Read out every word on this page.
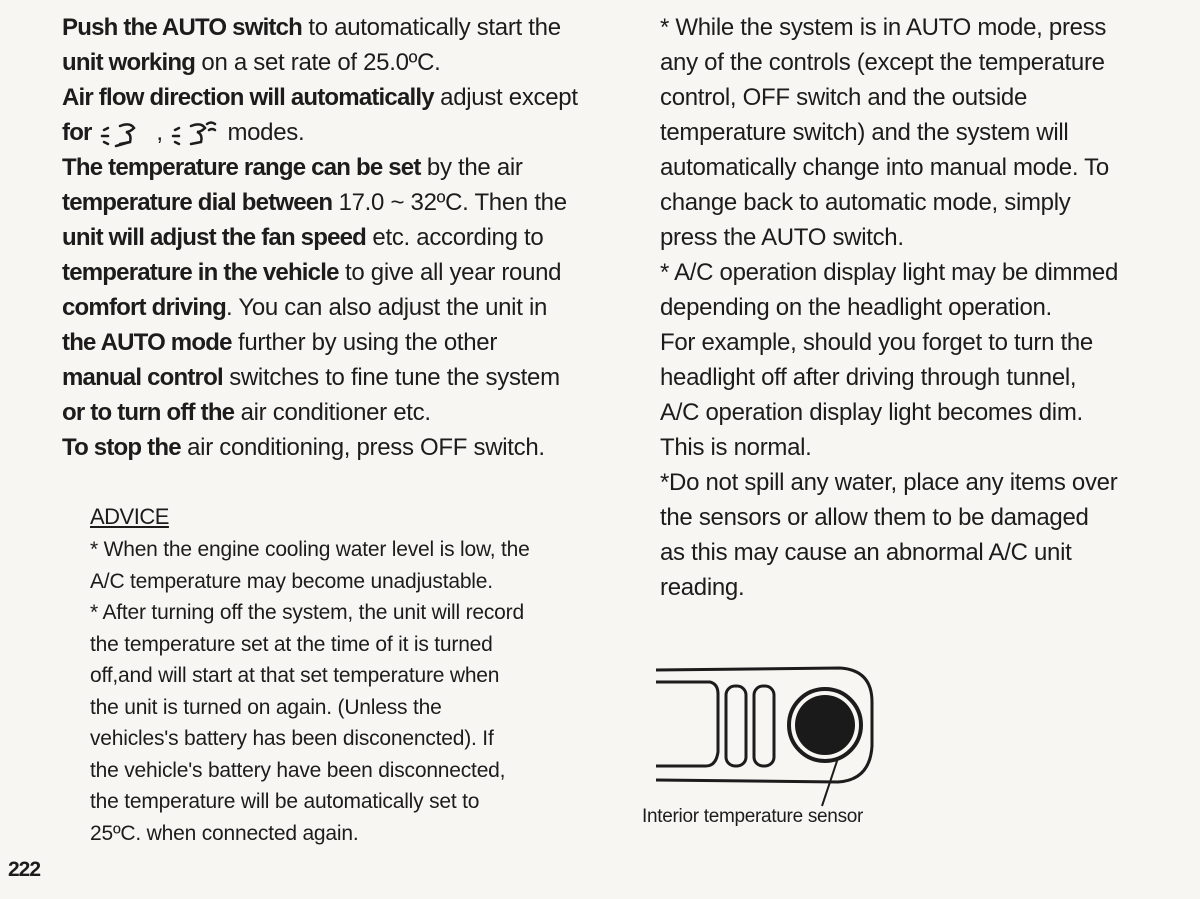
Push the AUTO switch to automatically start the
unit working on a set rate of 25.0ºC.
Air flow direction will automatically adjust except
for  ,  modes.
The temperature range can be set by the air
temperature dial between 17.0 ~ 32ºC. Then the
unit will adjust the fan speed etc. according to
temperature in the vehicle to give all year round
comfort driving. You can also adjust the unit in
the AUTO mode further by using the other
manual control switches to fine tune the system
or to turn off the air conditioner etc.
To stop the air conditioning, press OFF switch.
ADVICE
* When the engine cooling water level is low, the
A/C temperature may become unadjustable.
* After turning off the system, the unit will record
the temperature set at the time of it is turned
off,and will start at that set temperature when
the unit is turned on again. (Unless the
vehicles's battery has been disconencted). If
the vehicle's battery have been disconnected,
the temperature will be automatically set to
25ºC. when connected again.
* While the system is in AUTO mode, press
any of the controls (except the temperature
control, OFF switch and the outside
temperature switch) and the system will
automatically change into manual mode. To
change back to automatic mode, simply
press the AUTO switch.
* A/C operation display light may be dimmed
depending on the headlight operation.
For example, should you forget to turn the
headlight off after driving through tunnel,
A/C operation display light becomes dim.
This is normal.
*Do not spill any water, place any items over
the sensors or allow them to be damaged
as this may cause an abnormal A/C unit
reading.
Interior temperature sensor
222
